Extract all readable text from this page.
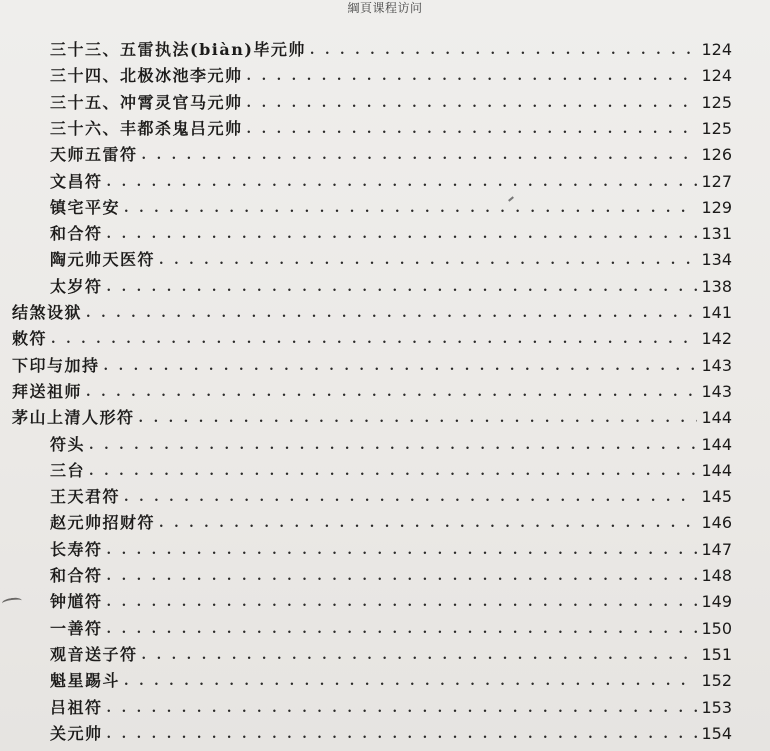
綱頁课程访问
三十三、五雷执法(biàn)毕元帅 . . .	124
三十四、北极冰池李元帅 . . .	124
三十五、冲霄灵官马元帅 . . .	125
三十六、丰都杀鬼吕元帅 . . .	125
天师五雷符 . . .	126
文昌符 . . .	127
镇宅平安 . . .	129
和合符 . . .	131
陶元帅天医符 . . .	134
太岁符 . . .	138
结煞设狱 . . .	141
敕符 . . .	142
下印与加持 . . .	143
拜送祖师 . . .	143
茅山上清人形符 . . .	144
符头 . . .	144
三台 . . .	144
王天君符 . . .	145
赵元帅招财符 . . .	146
长寿符 . . .	147
和合符 . . .	148
钟馗符 . . .	149
一善符 . . .	150
观音送子符 . . .	151
魁星踢斗 . . .	152
吕祖符 . . .	153
关元帅 . . .	154
